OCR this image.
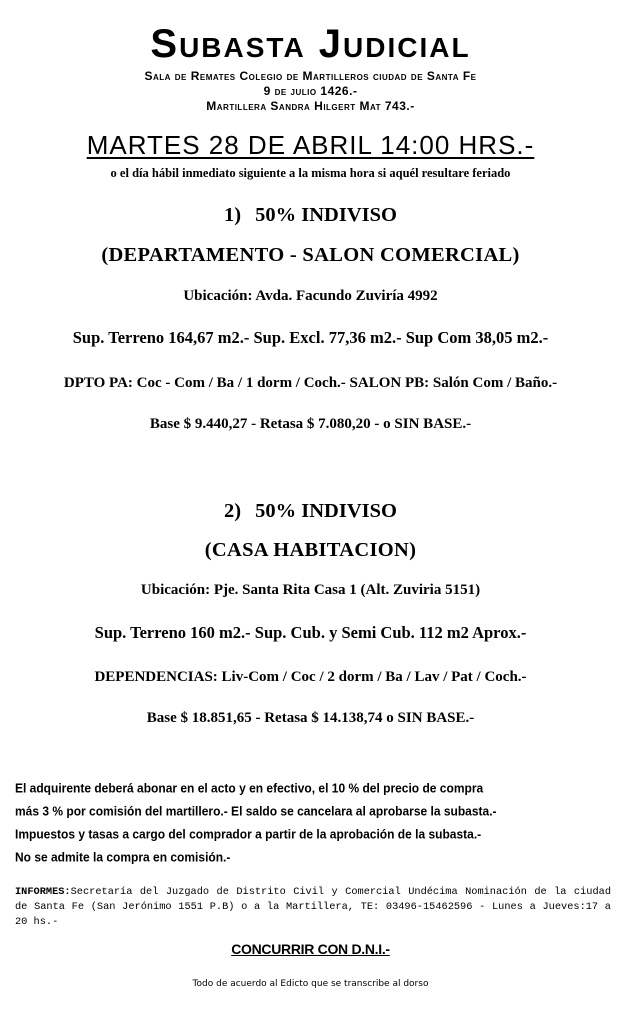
Subasta Judicial
Sala de Remates Colegio de Martilleros ciudad de Santa Fe
9 de julio 1426.-
Martillera Sandra Hilgert Mat 743.-
MARTES 28 DE ABRIL 14:00 HRS.-
o el día hábil inmediato siguiente a la misma hora si aquél resultare feriado
1) 50% INDIVISO
(DEPARTAMENTO - SALON COMERCIAL)
Ubicación: Avda. Facundo Zuviría 4992
Sup. Terreno 164,67 m2.- Sup. Excl. 77,36 m2.- Sup Com 38,05 m2.-
DPTO PA: Coc - Com / Ba / 1 dorm / Coch.- SALON PB: Salón Com / Baño.-
Base $ 9.440,27 - Retasa $ 7.080,20 - o SIN BASE.-
2) 50% INDIVISO
(CASA HABITACION)
Ubicación: Pje. Santa Rita Casa 1 (Alt. Zuviria 5151)
Sup. Terreno 160 m2.- Sup. Cub. y Semi Cub. 112 m2 Aprox.-
DEPENDENCIAS: Liv-Com / Coc / 2 dorm / Ba / Lav / Pat / Coch.-
Base $ 18.851,65 - Retasa $ 14.138,74 o SIN BASE.-
El adquirente deberá abonar en el acto y en efectivo, el 10 % del precio de compra
más 3 % por comisión del martillero.- El saldo se cancelara al aprobarse la subasta.-
Impuestos y tasas a cargo del comprador a partir de la aprobación de la subasta.-
No se admite la compra en comisión.-
INFORMES:Secretaría del Juzgado de Distrito Civil y Comercial Undécima Nominación de la ciudad de Santa Fe (San Jerónimo 1551 P.B) o a la Martillera, TE: 03496-15462596 - Lunes a Jueves:17 a 20 hs.-
CONCURRIR CON D.N.I.-
Todo de acuerdo al Edicto que se transcribe al dorso
